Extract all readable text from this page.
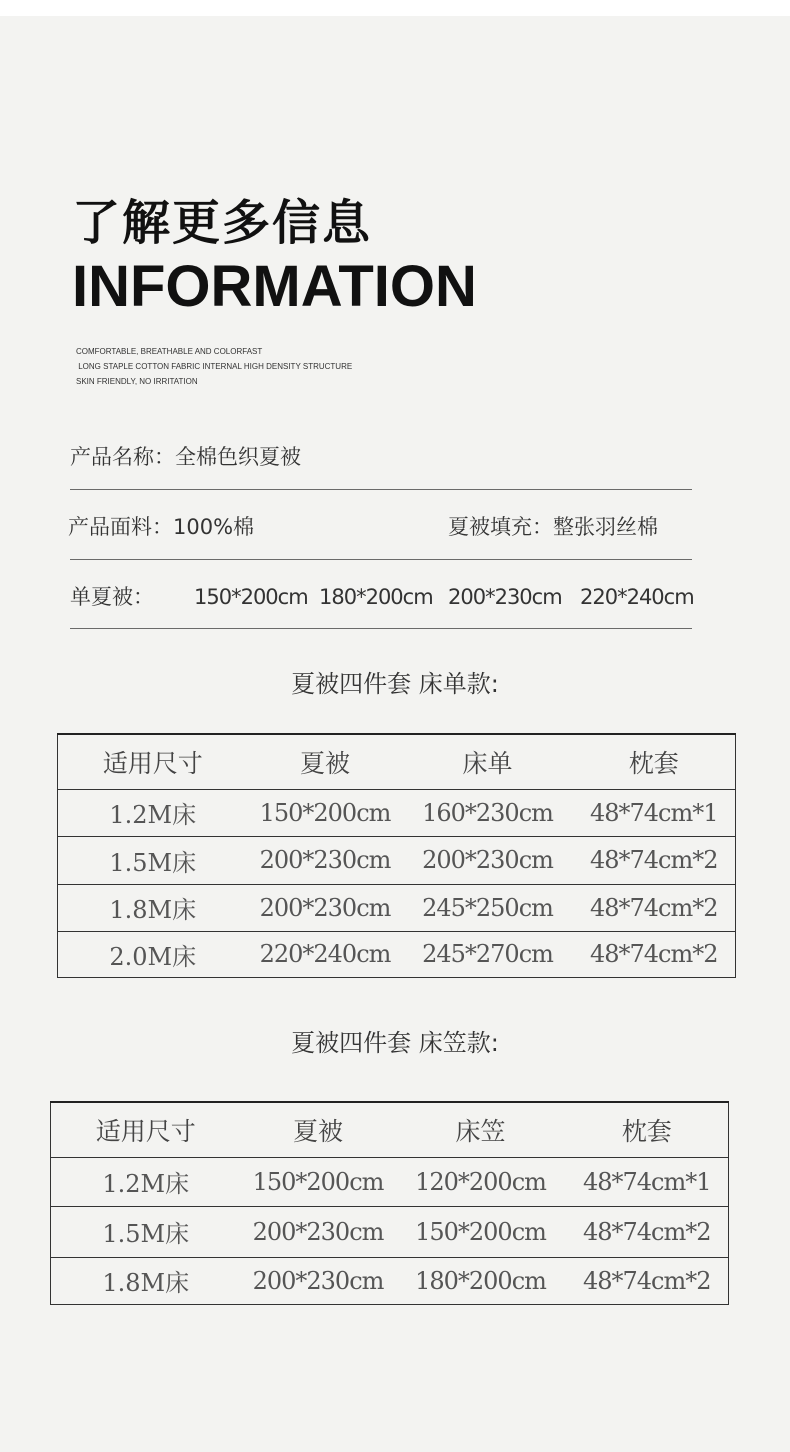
了解更多信息
INFORMATION
COMFORTABLE, BREATHABLE AND COLORFAST
LONG STAPLE COTTON FABRIC INTERNAL HIGH DENSITY STRUCTURE
SKIN FRIENDLY, NO IRRITATION
产品名称：全棉色织夏被
产品面料：100%棉	夏被填充：整张羽丝棉
单夏被： 150*200cm 180*200cm 200*230cm 220*240cm
夏被四件套 床单款:
适用尺寸	夏被	床单	枕套
1.2M床	150*200cm	160*230cm	48*74cm*1
1.5M床	200*230cm	200*230cm	48*74cm*2
1.8M床	200*230cm	245*250cm	48*74cm*2
2.0M床	220*240cm	245*270cm	48*74cm*2
夏被四件套 床笠款:
适用尺寸	夏被	床笠	枕套
1.2M床	150*200cm	120*200cm	48*74cm*1
1.5M床	200*230cm	150*200cm	48*74cm*2
1.8M床	200*230cm	180*200cm	48*74cm*2
